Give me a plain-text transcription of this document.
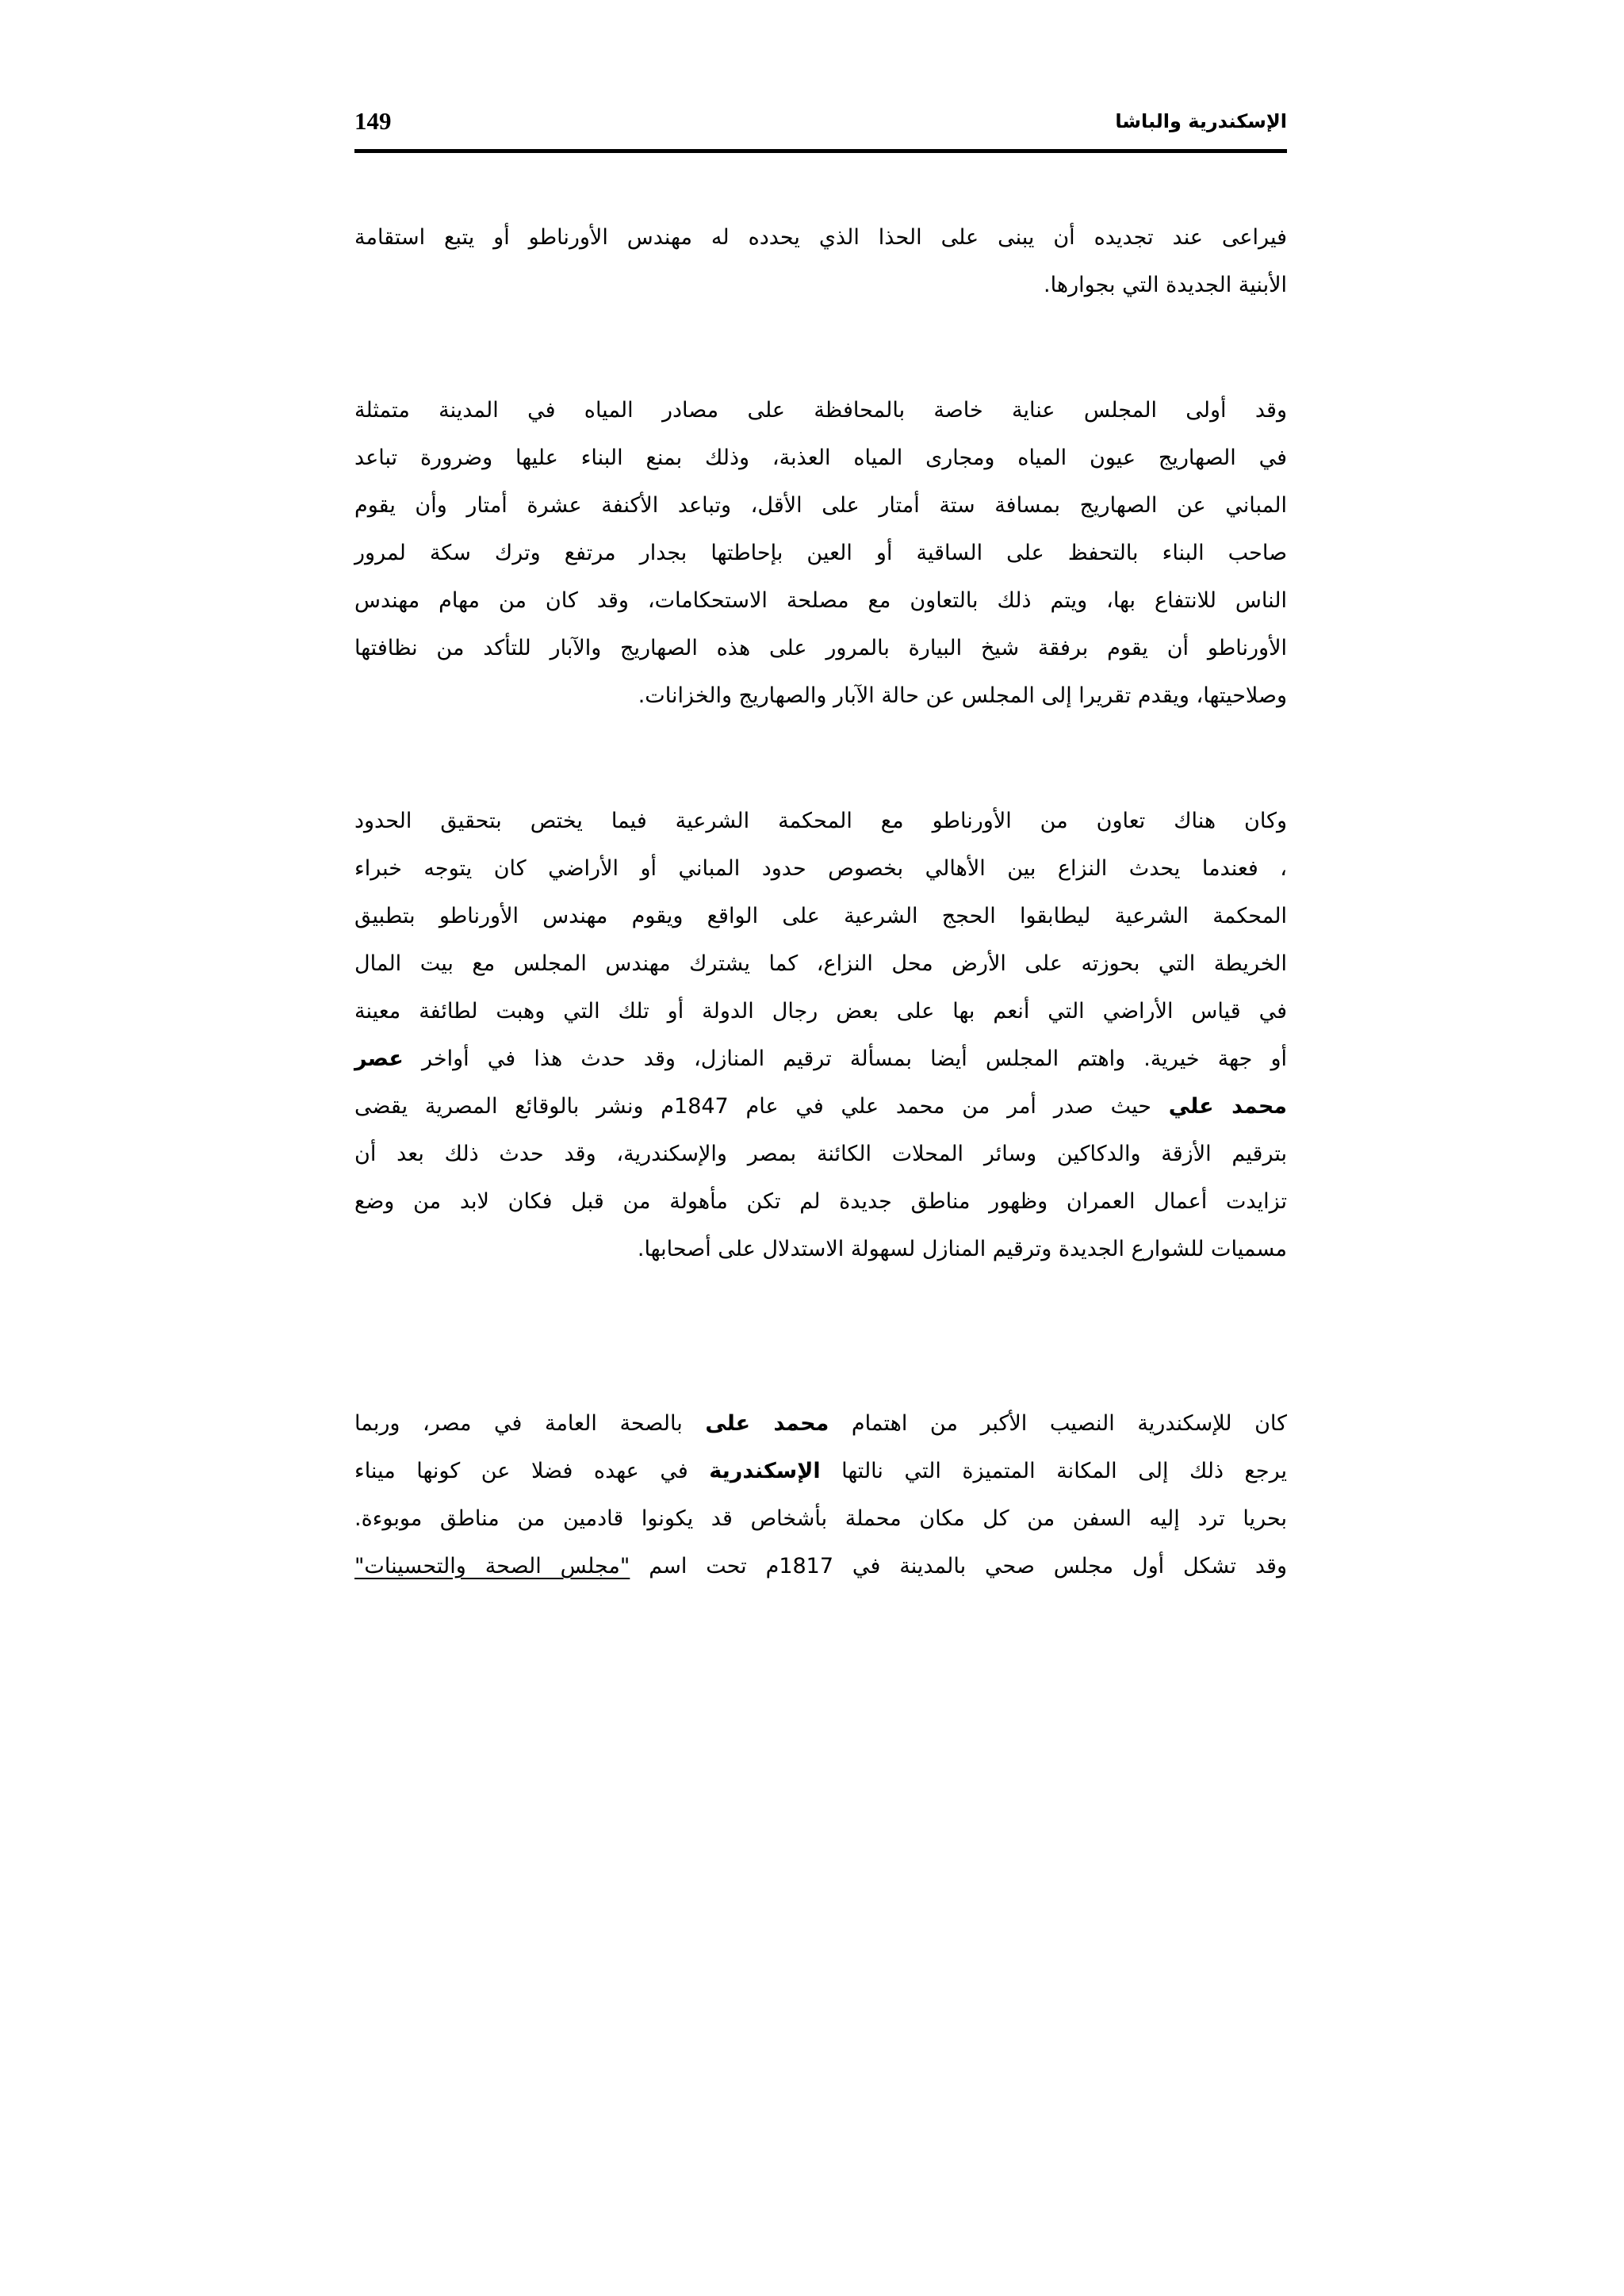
149	الإسكندرية والباشا

فيراعى عند تجديده أن يبنى على الحذا الذي يحدده له مهندس الأورناطو أو يتبع استقامة
الأبنية الجديدة التي بجوارها.

وقد أولى المجلس عناية خاصة بالمحافظة على مصادر المياه في المدينة متمثلة
في الصهاريج عيون المياه ومجارى المياه العذبة، وذلك بمنع البناء عليها وضرورة تباعد
المباني عن الصهاريج بمسافة ستة أمتار على الأقل، وتباعد الأكنفة عشرة أمتار وأن يقوم
صاحب البناء بالتحفظ على الساقية أو العين بإحاطتها بجدار مرتفع وترك سكة لمرور
الناس للانتفاع بها، ويتم ذلك بالتعاون مع مصلحة الاستحكامات، وقد كان من مهام مهندس
الأورناطو أن يقوم برفقة شيخ البيارة بالمرور على هذه الصهاريج والآبار للتأكد من نظافتها
وصلاحيتها، ويقدم تقريرا إلى المجلس عن حالة الآبار والصهاريج والخزانات.

وكان هناك تعاون من الأورناطو مع المحكمة الشرعية فيما يختص بتحقيق الحدود
، فعندما يحدث النزاع بين الأهالي بخصوص حدود المباني أو الأراضي كان يتوجه خبراء
المحكمة الشرعية ليطابقوا الحجج الشرعية على الواقع ويقوم مهندس الأورناطو بتطبيق
الخريطة التي بحوزته على الأرض محل النزاع، كما يشترك مهندس المجلس مع بيت المال
في قياس الأراضي التي أنعم بها على بعض رجال الدولة أو تلك التي وهبت لطائفة معينة
أو جهة خيرية. واهتم المجلس أيضا بمسألة ترقيم المنازل، وقد حدث هذا في أواخر عصر
محمد علي حيث صدر أمر من محمد علي في عام 1847م ونشر بالوقائع المصرية يقضى
بترقيم الأزقة والدكاكين وسائر المحلات الكائنة بمصر والإسكندرية، وقد حدث ذلك بعد أن
تزايدت أعمال العمران وظهور مناطق جديدة لم تكن مأهولة من قبل فكان لابد من وضع
مسميات للشوارع الجديدة وترقيم المنازل لسهولة الاستدلال على أصحابها.

كان للإسكندرية النصيب الأكبر من اهتمام محمد على بالصحة العامة في مصر، وربما
يرجع ذلك إلى المكانة المتميزة التي نالتها الإسكندرية في عهده فضلا عن كونها ميناء
بحريا ترد إليه السفن من كل مكان محملة بأشخاص قد يكونوا قادمين من مناطق موبوءة.
وقد تشكل أول مجلس صحي بالمدينة في 1817م تحت اسم "مجلس الصحة والتحسينات"
